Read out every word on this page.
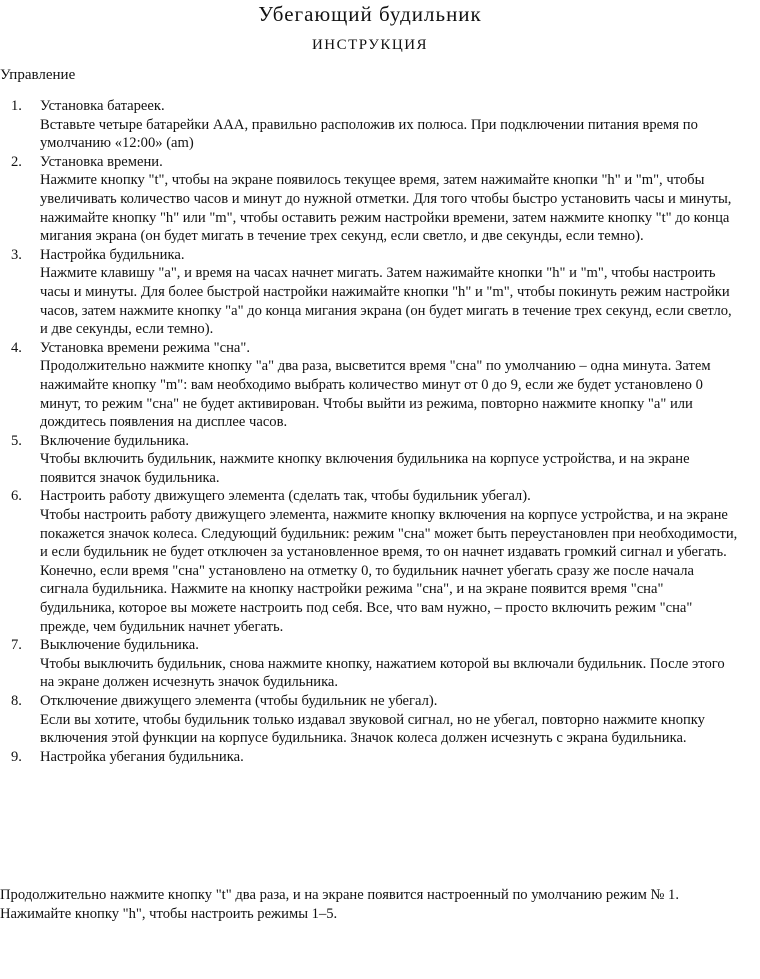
Убегающий будильник
ИНСТРУКЦИЯ
Управление
1. Установка батареек.
Вставьте четыре батарейки ААА, правильно расположив их полюса. При подключении питания время по умолчанию «12:00» (am)
2. Установка времени.
Нажмите кнопку "t", чтобы на экране появилось текущее время, затем нажимайте кнопки "h" и "m", чтобы увеличивать количество часов и минут до нужной отметки. Для того чтобы быстро установить часы и минуты, нажимайте кнопку "h" или "m", чтобы оставить режим настройки времени, затем нажмите кнопку "t" до конца мигания экрана (он будет мигать в течение трех секунд, если светло, и две секунды, если темно).
3. Настройка будильника.
Нажмите клавишу "a", и время на часах начнет мигать. Затем нажимайте кнопки "h" и "m", чтобы настроить часы и минуты. Для более быстрой настройки нажимайте кнопки "h" и "m", чтобы покинуть режим настройки часов, затем нажмите кнопку "a" до конца мигания экрана (он будет мигать в течение трех секунд, если светло, и две секунды, если темно).
4. Установка времени режима "сна".
Продолжительно нажмите кнопку "a" два раза, высветится время "сна" по умолчанию – одна минута. Затем нажимайте кнопку "m": вам необходимо выбрать количество минут от 0 до 9, если же будет установлено 0 минут, то режим "сна" не будет активирован. Чтобы выйти из режима, повторно нажмите кнопку "a" или дождитесь появления на дисплее часов.
5. Включение будильника.
Чтобы включить будильник, нажмите кнопку включения будильника на корпусе устройства, и на экране появится значок будильника.
6. Настроить работу движущего элемента (сделать так, чтобы будильник убегал).
Чтобы настроить работу движущего элемента, нажмите кнопку включения на корпусе устройства, и на экране покажется значок колеса. Следующий будильник: режим "сна" может быть переустановлен при необходимости, и если будильник не будет отключен за установленное время, то он начнет издавать громкий сигнал и убегать. Конечно, если время "сна" установлено на отметку 0, то будильник начнет убегать сразу же после начала сигнала будильника. Нажмите на кнопку настройки режима "сна", и на экране появится время "сна" будильника, которое вы можете настроить под себя. Все, что вам нужно, – просто включить режим "сна" прежде, чем будильник начнет убегать.
7. Выключение будильника.
Чтобы выключить будильник, снова нажмите кнопку, нажатием которой вы включали будильник. После этого на экране должен исчезнуть значок будильника.
8. Отключение движущего элемента (чтобы будильник не убегал).
Если вы хотите, чтобы будильник только издавал звуковой сигнал, но не убегал, повторно нажмите кнопку включения этой функции на корпусе будильника. Значок колеса должен исчезнуть с экрана будильника.
9. Настройка убегания будильника.
Продолжительно нажмите кнопку "t" два раза, и на экране появится настроенный по умолчанию режим № 1. Нажимайте кнопку "h", чтобы настроить режимы 1–5.
